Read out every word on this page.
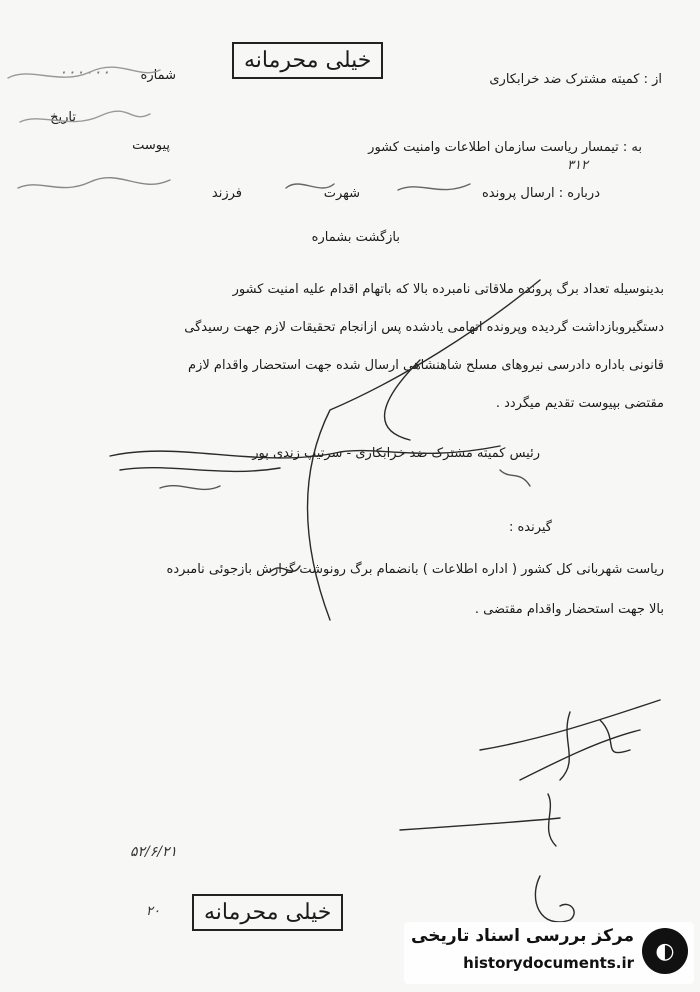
خیلی محرمانه
از : کمیته مشترک ضد خرابکاری
شماره
۰۰۰۰۰۰
تاریخ
پیوست	به : تیمسار ریاست سازمان اطلاعات وامنیت کشور
۳۱۲
درباره : ارسال پرونده
شهرت
فرزند
بازگشت بشماره
بدینوسیله تعداد برگ پرونده ملاقاتی نامبرده بالا که باتهام اقدام علیه امنیت کشور
دستگیروبازداشت گردیده وپرونده اتهامی یادشده پس ازانجام تحقیقات لازم جهت رسیدگی
قانونی باداره دادرسی نیروهای مسلح شاهنشاهی ارسال شده جهت استحضار واقدام لازم
مقتضی بپیوست تقدیم میگردد .
رئیس کمیته مشترک ضد خرابکاری - سرتیپ زندی پور
گیرنده :
ریاست شهربانی کل کشور ( اداره اطلاعات ) بانضمام برگ رونوشت گزارش بازجوئی نامبرده
بالا جهت استحضار واقدام مقتضی .
۵۲/۶/۲۱
۲۰	خیلی محرمانه
◐
مرکز بررسی اسناد تاریخی
historydocuments.ir
